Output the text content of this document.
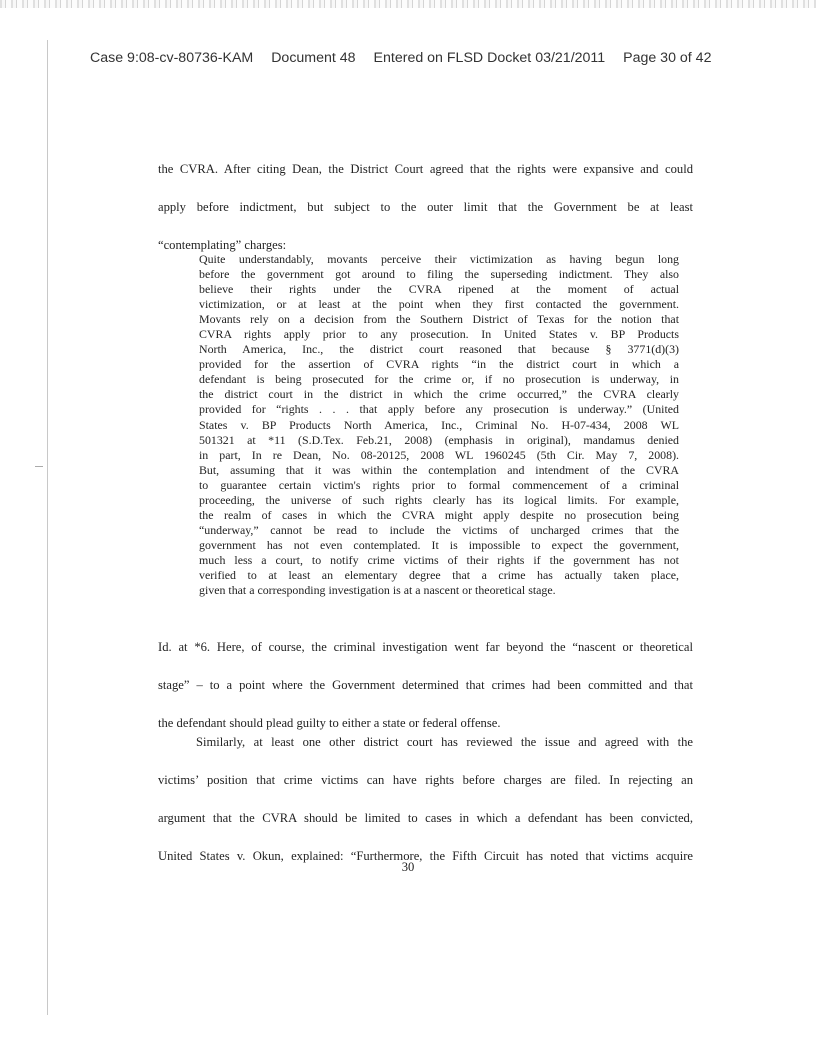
Case 9:08-cv-80736-KAM Document 48 Entered on FLSD Docket 03/21/2011 Page 30 of 42

the CVRA. After citing Dean, the District Court agreed that the rights were expansive and could
apply before indictment, but subject to the outer limit that the Government be at least
“contemplating” charges:

Quite understandably, movants perceive their victimization as having begun long
before the government got around to filing the superseding indictment. They also
believe their rights under the CVRA ripened at the moment of actual
victimization, or at least at the point when they first contacted the government.
Movants rely on a decision from the Southern District of Texas for the notion that
CVRA rights apply prior to any prosecution. In United States v. BP Products
North America, Inc., the district court reasoned that because § 3771(d)(3)
provided for the assertion of CVRA rights “in the district court in which a
defendant is being prosecuted for the crime or, if no prosecution is underway, in
the district court in the district in which the crime occurred,” the CVRA clearly
provided for “rights . . . that apply before any prosecution is underway.” (United
States v. BP Products North America, Inc., Criminal No. H-07-434, 2008 WL
501321 at *11 (S.D.Tex. Feb.21, 2008) (emphasis in original), mandamus denied
in part, In re Dean, No. 08-20125, 2008 WL 1960245 (5th Cir. May 7, 2008).
But, assuming that it was within the contemplation and intendment of the CVRA
to guarantee certain victim's rights prior to formal commencement of a criminal
proceeding, the universe of such rights clearly has its logical limits. For example,
the realm of cases in which the CVRA might apply despite no prosecution being
“underway,” cannot be read to include the victims of uncharged crimes that the
government has not even contemplated. It is impossible to expect the government,
much less a court, to notify crime victims of their rights if the government has not
verified to at least an elementary degree that a crime has actually taken place,
given that a corresponding investigation is at a nascent or theoretical stage.

Id. at *6. Here, of course, the criminal investigation went far beyond the “nascent or theoretical
stage” – to a point where the Government determined that crimes had been committed and that
the defendant should plead guilty to either a state or federal offense.

Similarly, at least one other district court has reviewed the issue and agreed with the
victims’ position that crime victims can have rights before charges are filed. In rejecting an
argument that the CVRA should be limited to cases in which a defendant has been convicted,
United States v. Okun, explained: “Furthermore, the Fifth Circuit has noted that victims acquire

30
